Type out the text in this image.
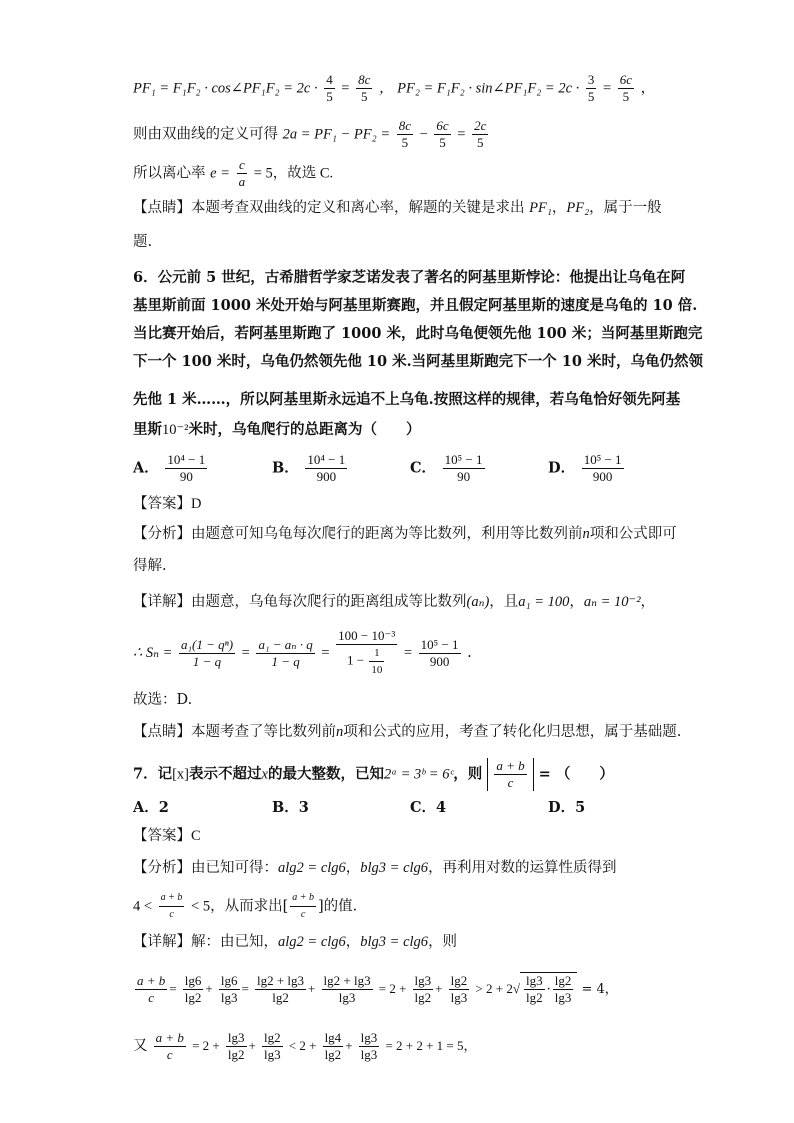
PF₁ = F₁F₂ · cos∠PF₁F₂ = $2c \cdot \frac{4}{5} = \frac{8c}{5}$ ， PF₂ = F₁F₂ · sin∠PF₁F₂ = $2c \cdot \frac{3}{5} = \frac{6c}{5}$ ，
则由双曲线的定义可得 $2a = PF_1 - PF_2 = \frac{8c}{5} - \frac{6c}{5} = \frac{2c}{5}$
所以离心率 $e = \frac{c}{a} = 5$，故选 C.
【点睛】本题考查双曲线的定义和离心率，解题的关键是求出 PF₁，PF₂，属于一般
题.
6．公元前 5 世纪，古希腊哲学家芝诺发表了著名的阿基里斯悖论：他提出让乌龟在阿
基里斯前面 1000 米处开始与阿基里斯赛跑，并且假定阿基里斯的速度是乌龟的 10 倍.
当比赛开始后，若阿基里斯跑了 1000 米，此时乌龟便领先他 100 米；当阿基里斯跑完
下一个 100 米时，乌龟仍然领先他 10 米.当阿基里斯跑完下一个 10 米时，乌龟仍然领
先他 1 米……，所以阿基里斯永远追不上乌龟.按照这样的规律，若乌龟恰好领先阿基
里斯10⁻²米时，乌龟爬行的总距离为（　　）
A． $\frac{\text{10⁴ − 1}}{90}$	B． $\frac{\text{10⁴ − 1}}{900}$	C． $\frac{\text{10⁵ − 1}}{90}$	D． $\frac{\text{10⁵ − 1}}{900}$
【答案】D
【分析】由题意可知乌龟每次爬行的距离为等比数列，利用等比数列前n项和公式即可
得解.
【详解】由题意，乌龟每次爬行的距离组成等比数列(aₙ)，且a₁ = 100，aₙ = 10⁻²，
∴ $S_n = \frac{\text{a₁(1 − qⁿ)}}{1 - q} = \frac{\text{a₁ − aₙ · q}}{1 - q} = \frac{\text{100 − 10⁻³}}{1 - \frac{1}{10}} = \frac{\text{10⁵ − 1}}{900}$ .
故选：D.
【点睛】本题考查了等比数列前n项和公式的应用，考查了转化化归思想，属于基础题.
7．记[x]表示不超过x的最大整数，已知2ᵃ = 3ᵇ = 6ᶜ，则 $\frac{a + b}{c}$ = （　　）
A．2	B．3	C．4	D．5
【答案】C
【分析】由已知可得：alg2 = clg6，blg3 = clg6，再利用对数的运算性质得到
$4 < \frac{a + b}{c} < 5$，从而求出[ $\frac{a + b}{c}$ ]的值.
【详解】解：由已知，alg2 = clg6，blg3 = clg6，则
$\frac{a + b}{c} = \frac{\lg 6}{\lg 2} + \frac{\lg 6}{\lg 3} = \frac{\lg 2 + \lg 3}{\lg 2} + \frac{\lg 2 + \lg 3}{\lg 3} = 2 + \frac{\lg 3}{\lg 2} + \frac{\lg 2}{\lg 3} > 2 + 2√ \frac{\lg 3}{\lg 2} \cdot \frac{\lg 2}{\lg 3} = 4$，
又 $\frac{a + b}{c} = 2 + \frac{\lg 3}{\lg 2} + \frac{\lg 2}{\lg 3} < 2 + \frac{\lg 4}{\lg 2} + \frac{\lg 3}{\lg 3} = 2 + 2 + 1 = 5$，
